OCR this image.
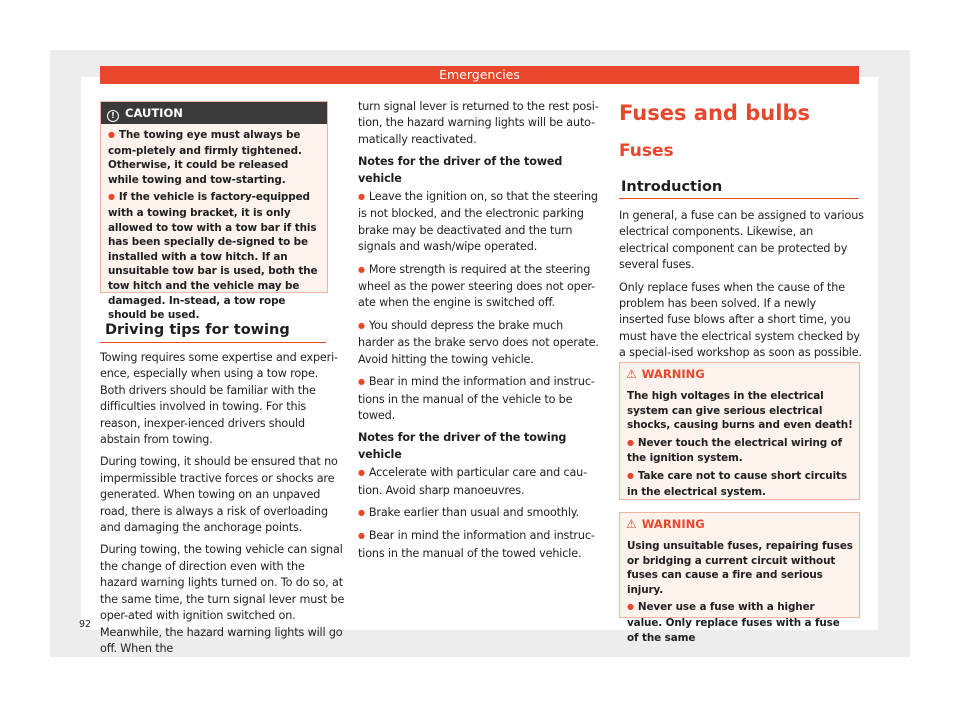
Emergencies
! CAUTION

● The towing eye must always be com-pletely and firmly tightened. Otherwise, it could be released while towing and tow-starting.

● If the vehicle is factory-equipped with a towing bracket, it is only allowed to tow with a tow bar if this has been specially de-signed to be installed with a tow hitch. If an unsuitable tow bar is used, both the tow hitch and the vehicle may be damaged. In-stead, a tow rope should be used.

Driving tips for towing

Towing requires some expertise and experi-ence, especially when using a tow rope. Both drivers should be familiar with the difficulties involved in towing. For this reason, inexper-ienced drivers should abstain from towing.

During towing, it should be ensured that no impermissible tractive forces or shocks are generated. When towing on an unpaved road, there is always a risk of overloading and damaging the anchorage points.

During towing, the towing vehicle can signal the change of direction even with the hazard warning lights turned on. To do so, at the same time, the turn signal lever must be oper-ated with ignition switched on. Meanwhile, the hazard warning lights will go off. When the

turn signal lever is returned to the rest posi-tion, the hazard warning lights will be auto-matically reactivated.

Notes for the driver of the towed vehicle

● Leave the ignition on, so that the steering is not blocked, and the electronic parking brake may be deactivated and the turn signals and wash/wipe operated.

● More strength is required at the steering wheel as the power steering does not oper-ate when the engine is switched off.

● You should depress the brake much harder as the brake servo does not operate. Avoid hitting the towing vehicle.

● Bear in mind the information and instruc-tions in the manual of the vehicle to be towed.

Notes for the driver of the towing vehicle

● Accelerate with particular care and cau-tion. Avoid sharp manoeuvres.

● Brake earlier than usual and smoothly.

● Bear in mind the information and instruc-tions in the manual of the towed vehicle.

Fuses and bulbs
Fuses
Introduction

In general, a fuse can be assigned to various electrical components. Likewise, an electrical component can be protected by several fuses.

Only replace fuses when the cause of the problem has been solved. If a newly inserted fuse blows after a short time, you must have the electrical system checked by a special-ised workshop as soon as possible.

⚠ WARNING

The high voltages in the electrical system can give serious electrical shocks, causing burns and even death!

● Never touch the electrical wiring of the ignition system.

● Take care not to cause short circuits in the electrical system.

⚠ WARNING

Using unsuitable fuses, repairing fuses or bridging a current circuit without fuses can cause a fire and serious injury.

● Never use a fuse with a higher value. Only replace fuses with a fuse of the same

92
